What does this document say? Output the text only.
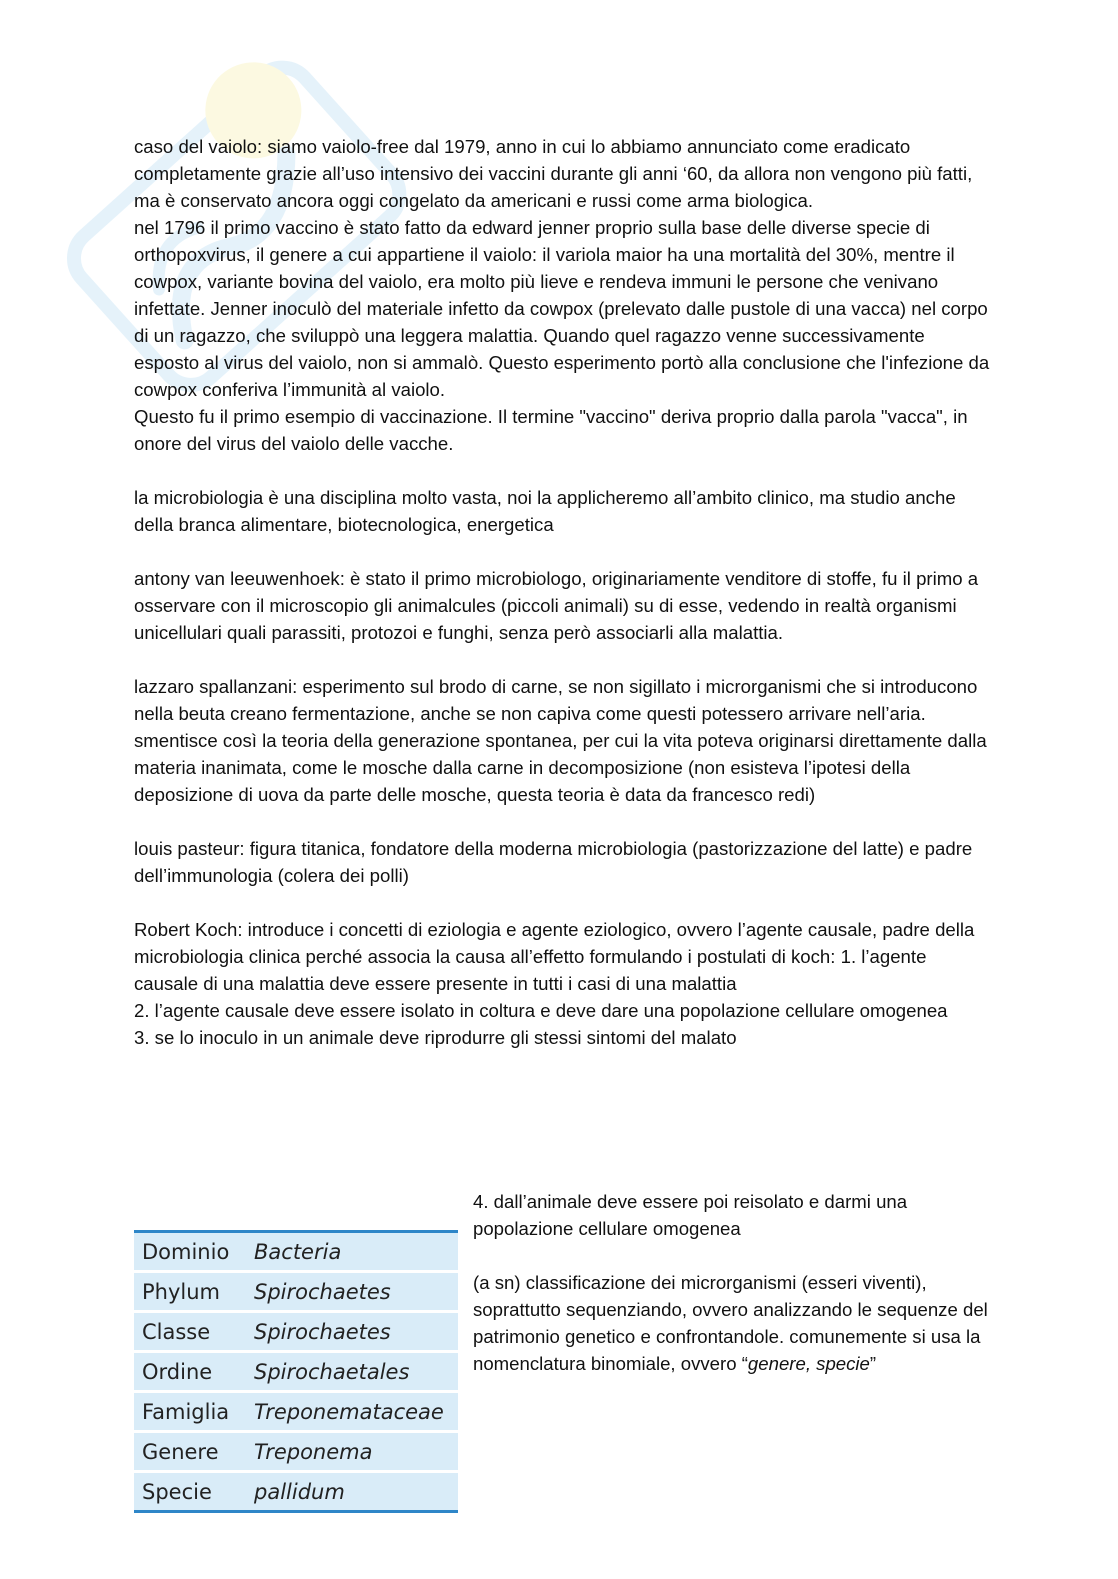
caso del vaiolo: siamo vaiolo-free dal 1979, anno in cui lo abbiamo annunciato come eradicato completamente grazie all’uso intensivo dei vaccini durante gli anni ‘60, da allora non vengono più fatti, ma è conservato ancora oggi congelato da americani e russi come arma biologica.

nel 1796 il primo vaccino è stato fatto da edward jenner proprio sulla base delle diverse specie di orthopoxvirus, il genere a cui appartiene il vaiolo: il variola maior ha una mortalità del 30%, mentre il cowpox, variante bovina del vaiolo, era molto più lieve e rendeva immuni le persone che venivano infettate. Jenner inoculò del materiale infetto da cowpox (prelevato dalle pustole di una vacca) nel corpo di un ragazzo, che sviluppò una leggera malattia. Quando quel ragazzo venne successivamente esposto al virus del vaiolo, non si ammalò. Questo esperimento portò alla conclusione che l'infezione da cowpox conferiva l’immunità al vaiolo.

Questo fu il primo esempio di vaccinazione. Il termine "vaccino" deriva proprio dalla parola "vacca", in onore del virus del vaiolo delle vacche.

la microbiologia è una disciplina molto vasta, noi la applicheremo all’ambito clinico, ma studio anche della branca alimentare, biotecnologica, energetica

antony van leeuwenhoek: è stato il primo microbiologo, originariamente venditore di stoffe, fu il primo a osservare con il microscopio gli animalcules (piccoli animali) su di esse, vedendo in realtà organismi unicellulari quali parassiti, protozoi e funghi, senza però associarli alla malattia.

lazzaro spallanzani: esperimento sul brodo di carne, se non sigillato i microrganismi che si introducono nella beuta creano fermentazione, anche se non capiva come questi potessero arrivare nell’aria. smentisce così la teoria della generazione spontanea, per cui la vita poteva originarsi direttamente dalla materia inanimata, come le mosche dalla carne in decomposizione (non esisteva l’ipotesi della deposizione di uova da parte delle mosche, questa teoria è data da francesco redi)

louis pasteur: figura titanica, fondatore della moderna microbiologia (pastorizzazione del latte) e padre dell’immunologia (colera dei polli)

Robert Koch: introduce i concetti di eziologia e agente eziologico, ovvero l’agente causale, padre della microbiologia clinica perché associa la causa all’effetto formulando i postulati di koch: 1. l’agente causale di una malattia deve essere presente in tutti i casi di una malattia

2. l’agente causale deve essere isolato in coltura e deve dare una popolazione cellulare omogenea

3. se lo inoculo in un animale deve riprodurre gli stessi sintomi del malato

Dominio	Bacteria
Phylum	Spirochaetes
Classe	Spirochaetes
Ordine	Spirochaetales
Famiglia	Treponemataceae
Genere	Treponema
Specie	pallidum

4. dall’animale deve essere poi reisolato e darmi una popolazione cellulare omogenea

(a sn) classificazione dei microrganismi (esseri viventi), soprattutto sequenziando, ovvero analizzando le sequenze del patrimonio genetico e confrontandole. comunemente si usa la nomenclatura binomiale, ovvero “genere, specie”
